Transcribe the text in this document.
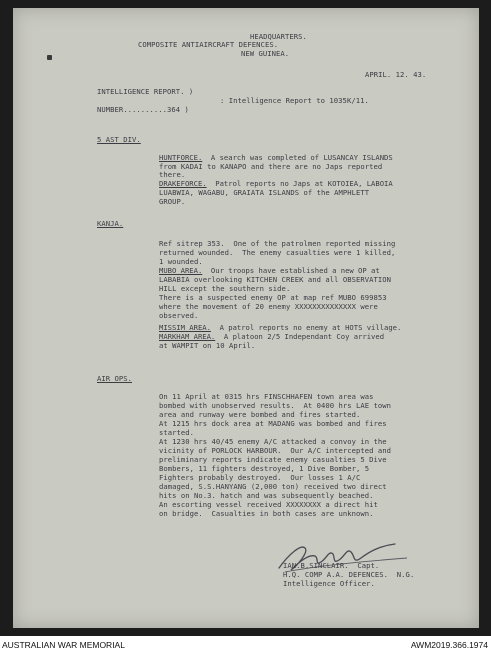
HEADQUARTERS.

COMPOSITE ANTIAIRCRAFT DEFENCES.

NEW GUINEA.

APRIL. 12. 43.

INTELLIGENCE REPORT. )

: Intelligence Report to 1035K/11.

NUMBER..........364 )

5 AST DIV.

HUNTFORCE.  A search was completed of LUSANCAY ISLANDS

from KADAI to KANAPO and there are no Japs reported

there.

DRAKEFORCE.  Patrol reports no Japs at KOTOIEA, LABOIA

LUABWIA, WAGABU, GRAIATA ISLANDS of the AMPHLETT

GROUP.

KANJA.

Ref sitrep 353.  One of the patrolmen reported missing

returned wounded.  The enemy casualties were 1 killed,

1 wounded.

MUBO AREA.  Our troops have established a new OP at

LABABIA overlooking KITCHEN CREEK and all OBSERVATION

HILL except the southern side.

There is a suspected enemy OP at map ref MUBO 699853

where the movement of 20 enemy XXXXXXXXXXXXXX were

observed.

MISSIM AREA.  A patrol reports no enemy at HOTS village.
MARKHAM AREA.  A platoon 2/5 Independant Coy arrived

at WAMPIT on 10 April.

AIR OPS.

On 11 April at 0315 hrs FINSCHHAFEN town area was

bombed with unobserved results.  At 0400 hrs LAE town

area and runway were bombed and fires started.

At 1215 hrs dock area at MADANG was bombed and fires

started.

At 1230 hrs 40/45 enemy A/C attacked a convoy in the

vicinity of PORLOCK HARBOUR.  Our A/C intercepted and

preliminary reports indicate enemy casualties 5 Dive

Bombers, 11 fighters destroyed, 1 Dive Bomber, 5

Fighters probably destroyed.  Our losses 1 A/C

damaged, S.S.HANYANG (2,000 ton) received two direct

hits on No.3. hatch and was subsequently beached.

An escorting vessel received XXXXXXXX a direct hit

on bridge.  Casualties in both cases are unknown.

IAN.B.SINCLAIR.  Capt.

H.Q. COMP A.A. DEFENCES.  N.G.

Intelligence Officer.

AUSTRALIAN WAR MEMORIAL	AWM2019.366.1974
